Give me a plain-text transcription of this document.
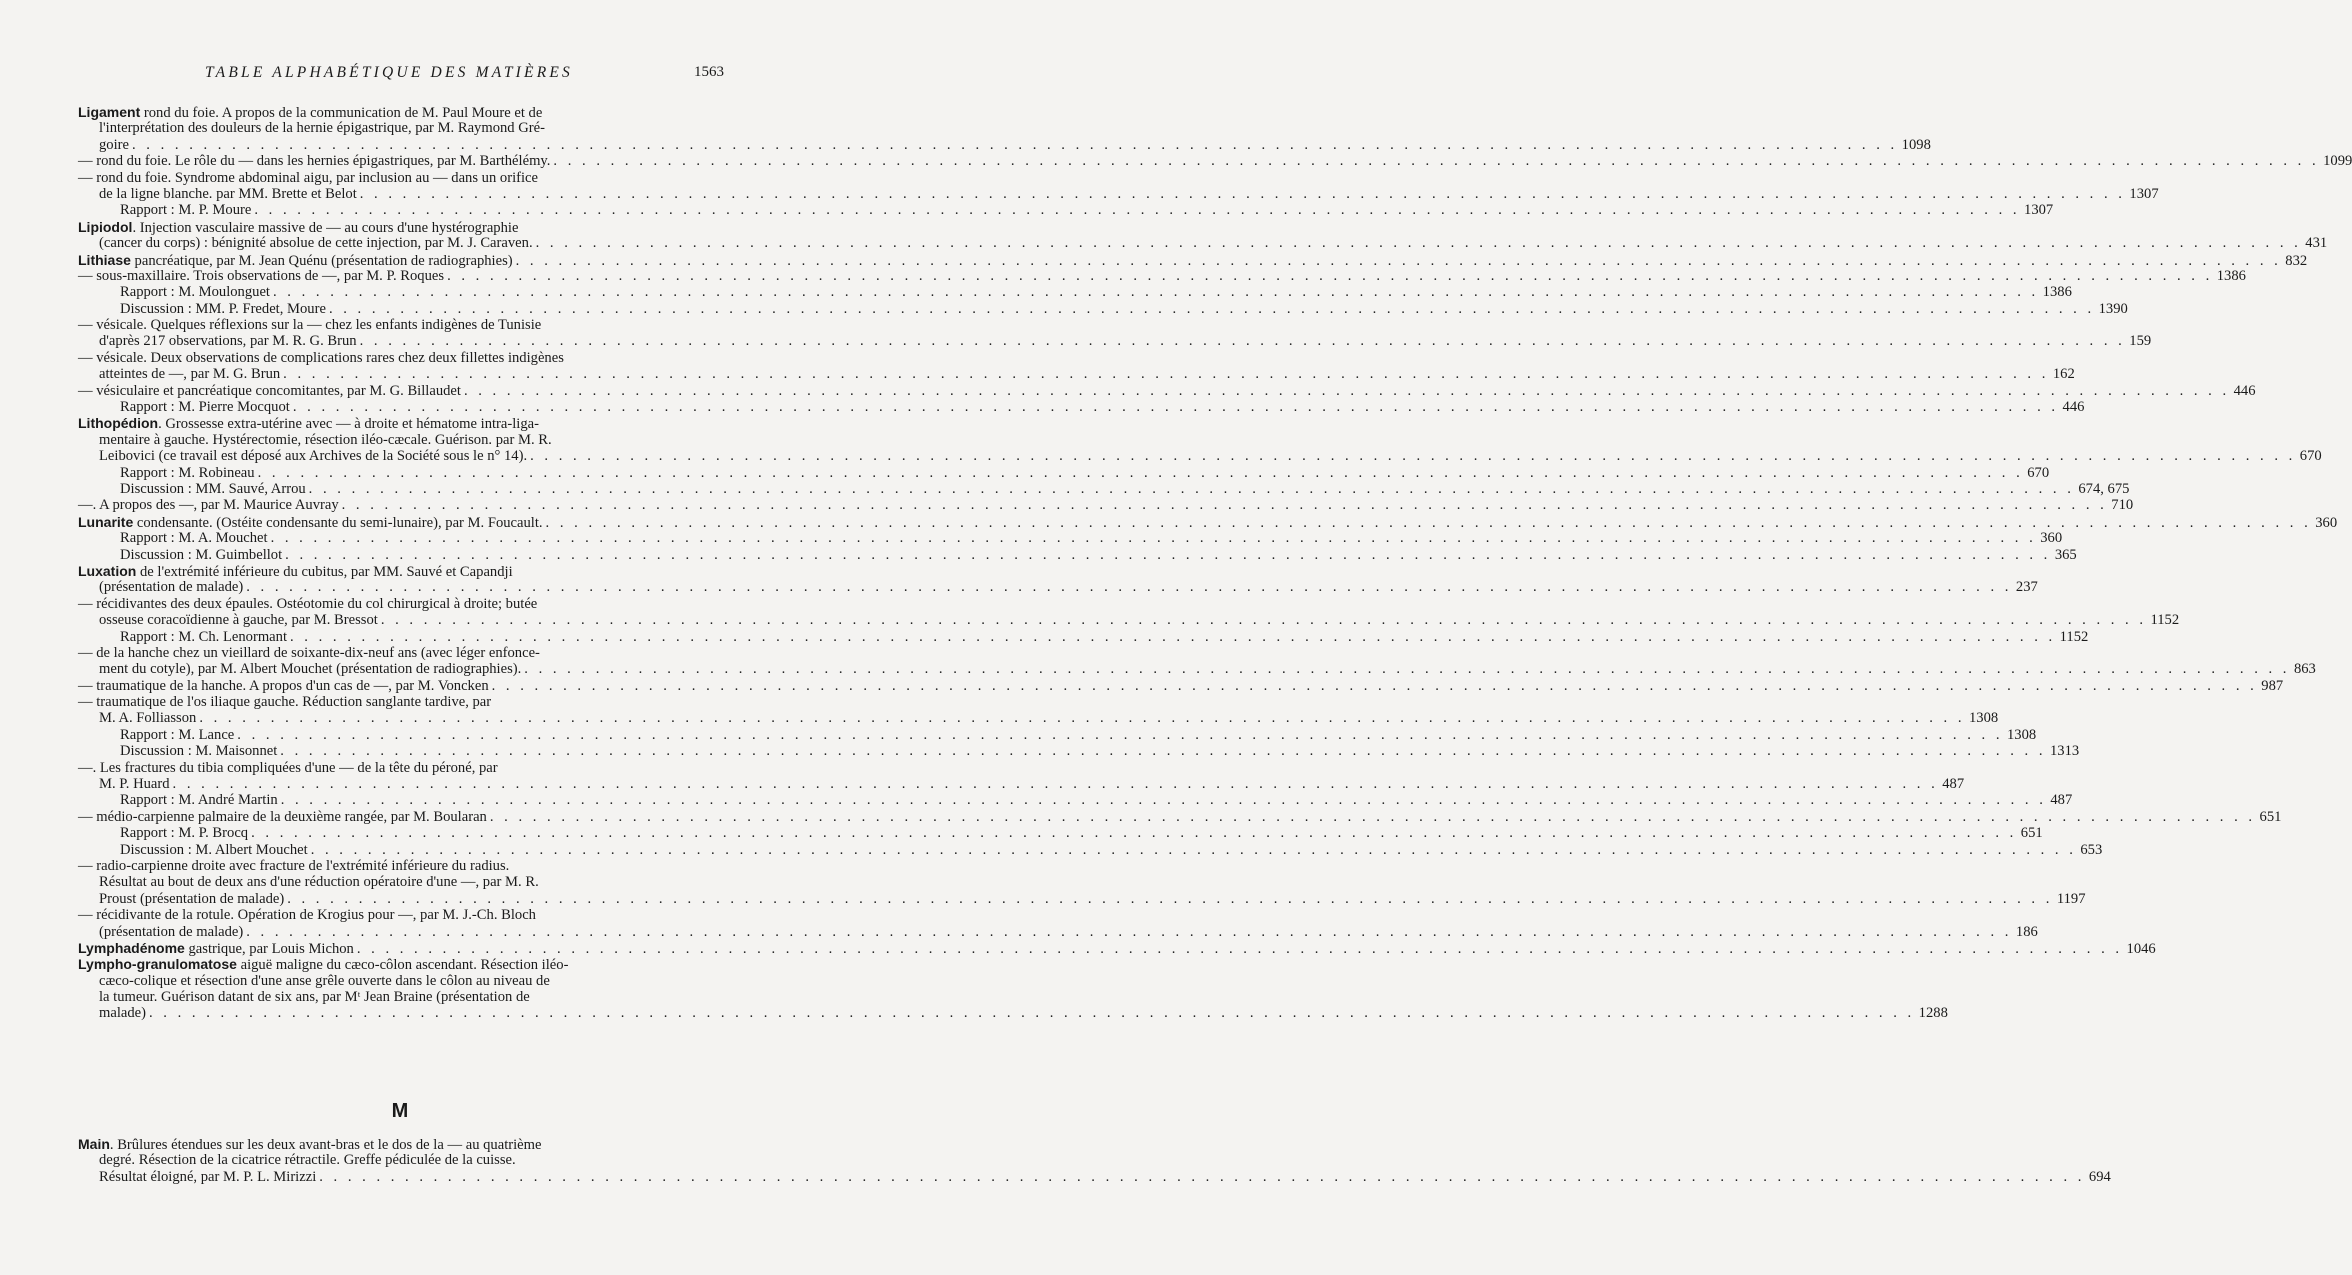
TABLE ALPHABÉTIQUE DES MATIÈRES	1563
Ligament rond du foie. A propos de la communication de M. Paul Moure et de
l'interprétation des douleurs de la hernie épigastrique, par M. Raymond Gré-
goire . . .	1098
— rond du foie. Le rôle du — dans les hernies épigastriques, par M. Barthélémy. . . .	1099
— rond du foie. Syndrome abdominal aigu, par inclusion au — dans un orifice
de la ligne blanche. par MM. Brette et Belot . . .	1307
Rapport : M. P. Moure . . .	1307
Lipiodol. Injection vasculaire massive de — au cours d'une hystérographie
(cancer du corps) : bénignité absolue de cette injection, par M. J. Caraven. . . .	431
Lithiase pancréatique, par M. Jean Quénu (présentation de radiographies) . . .	832
— sous-maxillaire. Trois observations de —, par M. P. Roques . . .	1386
Rapport : M. Moulonguet . . .	1386
Discussion : MM. P. Fredet, Moure . . .	1390
— vésicale. Quelques réflexions sur la — chez les enfants indigènes de Tunisie
d'après 217 observations, par M. R. G. Brun . . .	159
— vésicale. Deux observations de complications rares chez deux fillettes indigènes
atteintes de —, par M. G. Brun . . .	162
— vésiculaire et pancréatique concomitantes, par M. G. Billaudet . . .	446
Rapport : M. Pierre Mocquot . . .	446
Lithopédion. Grossesse extra-utérine avec — à droite et hématome intra-liga-
mentaire à gauche. Hystérectomie, résection iléo-cæcale. Guérison. par M. R.
Leibovici (ce travail est déposé aux Archives de la Société sous le n° 14). . . .	670
Rapport : M. Robineau . . .	670
Discussion : MM. Sauvé, Arrou . . .	674, 675
—. A propos des —, par M. Maurice Auvray . . .	710
Lunarite condensante. (Ostéite condensante du semi-lunaire), par M. Foucault. . . .	360
Rapport : M. A. Mouchet . . .	360
Discussion : M. Guimbellot . . .	365
Luxation de l'extrémité inférieure du cubitus, par MM. Sauvé et Capandji
(présentation de malade) . . .	237
— récidivantes des deux épaules. Ostéotomie du col chirurgical à droite; butée
osseuse coracoïdienne à gauche, par M. Bressot . . .	1152
Rapport : M. Ch. Lenormant . . .	1152
— de la hanche chez un vieillard de soixante-dix-neuf ans (avec léger enfonce-
ment du cotyle), par M. Albert Mouchet (présentation de radiographies). . . .	863
— traumatique de la hanche. A propos d'un cas de —, par M. Voncken . . .	987
— traumatique de l'os iliaque gauche. Réduction sanglante tardive, par
M. A. Folliasson . . .	1308
Rapport : M. Lance . . .	1308
Discussion : M. Maisonnet . . .	1313
—. Les fractures du tibia compliquées d'une — de la tête du péroné, par
M. P. Huard . . .	487
Rapport : M. André Martin . . .	487
— médio-carpienne palmaire de la deuxième rangée, par M. Boularan . . .	651
Rapport : M. P. Brocq . . .	651
Discussion : M. Albert Mouchet . . .	653
— radio-carpienne droite avec fracture de l'extrémité inférieure du radius.
Résultat au bout de deux ans d'une réduction opératoire d'une —, par M. R.
Proust (présentation de malade) . . .	1197
— récidivante de la rotule. Opération de Krogius pour —, par M. J.-Ch. Bloch
(présentation de malade) . . .	186
Lymphadénome gastrique, par Louis Michon . . .	1046
Lympho-granulomatose aiguë maligne du cæco-côlon ascendant. Résection iléo-
cæco-colique et résection d'une anse grêle ouverte dans le côlon au niveau de
la tumeur. Guérison datant de six ans, par Mᵗ Jean Braine (présentation de
malade) . . .	1288
M
Main. Brûlures étendues sur les deux avant-bras et le dos de la — au quatrième
degré. Résection de la cicatrice rétractile. Greffe pédiculée de la cuisse.
Résultat éloigné, par M. P. L. Mirizzi . . .	694
